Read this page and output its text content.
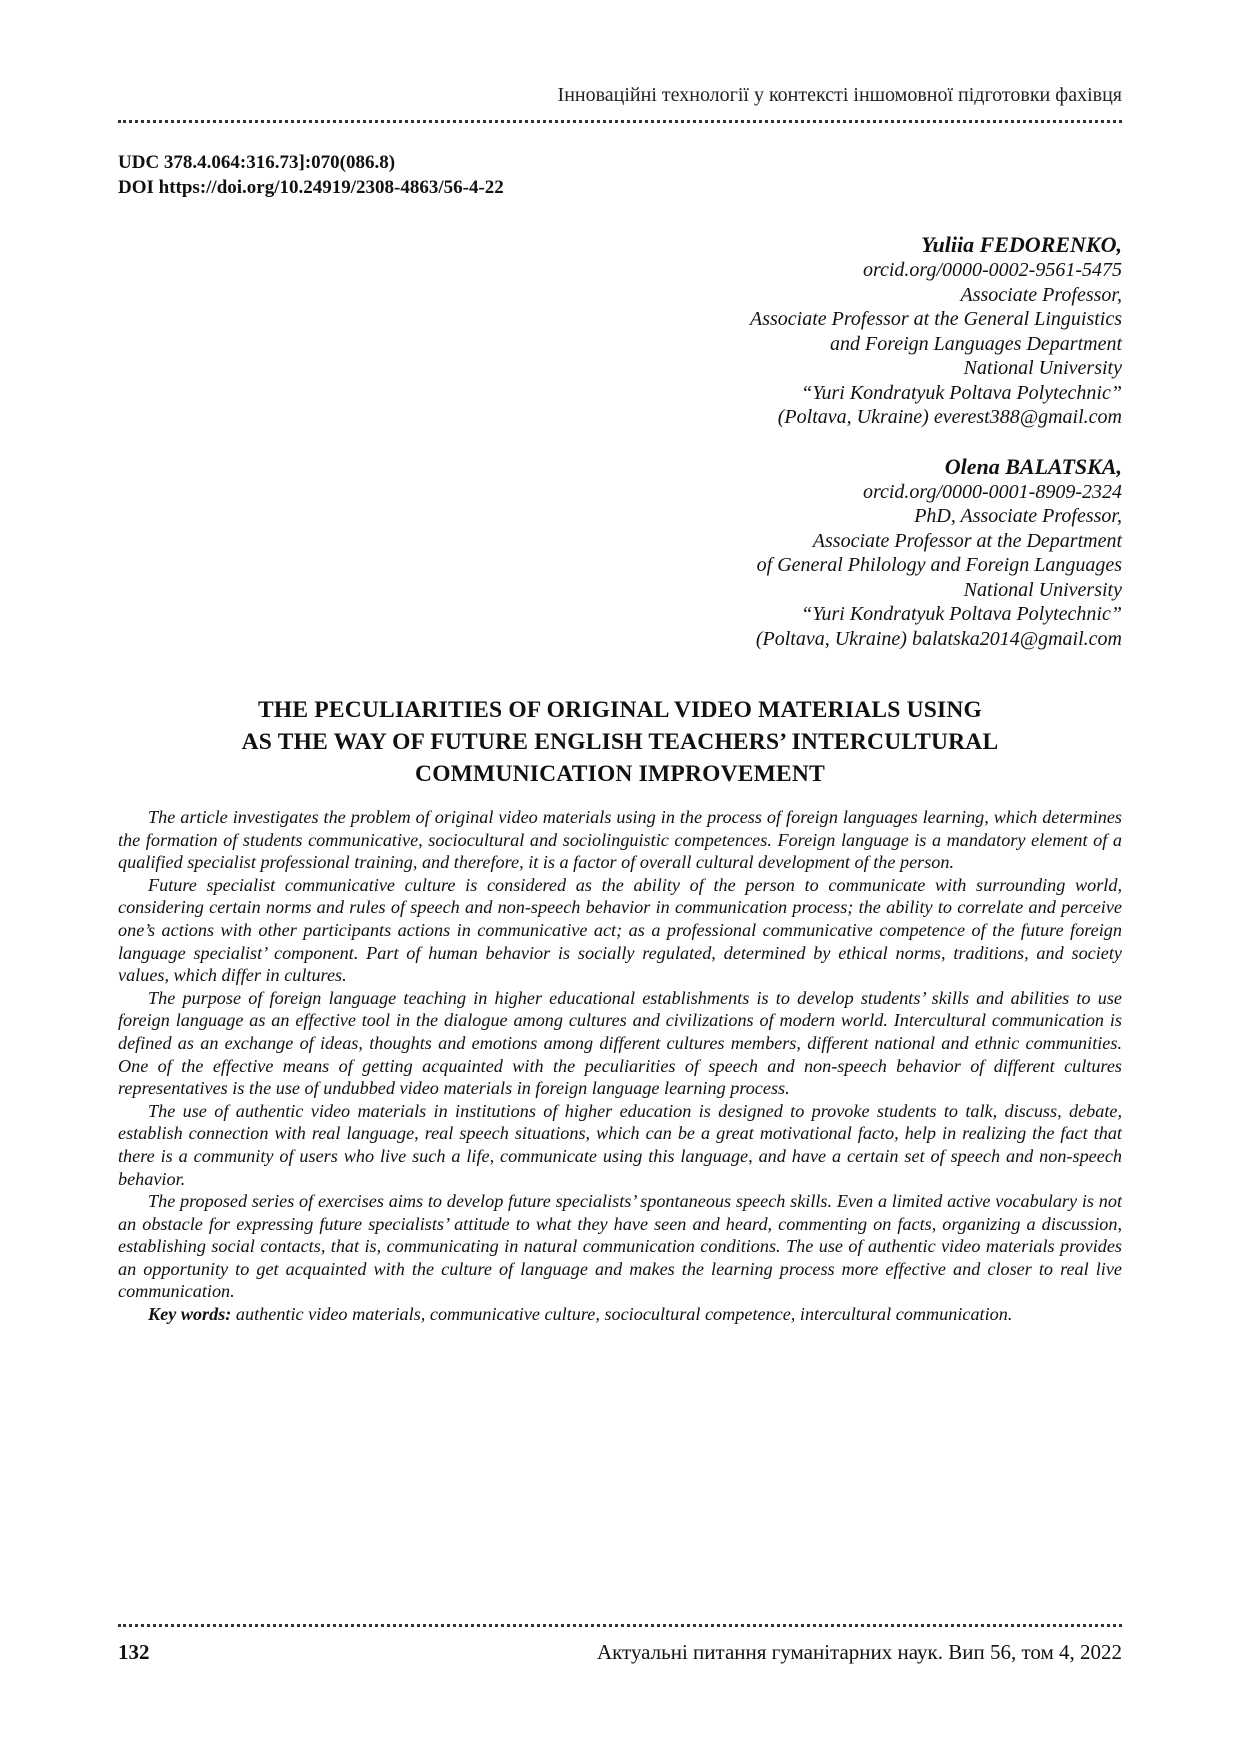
Інноваційні технології у контексті іншомовної підготовки фахівця
UDC 378.4.064:316.73]:070(086.8)
DOI https://doi.org/10.24919/2308-4863/56-4-22
Yuliia FEDORENKO,
orcid.org/0000-0002-9561-5475
Associate Professor,
Associate Professor at the General Linguistics
and Foreign Languages Department
National University
“Yuri Kondratyuk Poltava Polytechnic”
(Poltava, Ukraine) everest388@gmail.com
Olena BALATSKA,
orcid.org/0000-0001-8909-2324
PhD, Associate Professor,
Associate Professor at the Department
of General Philology and Foreign Languages
National University
“Yuri Kondratyuk Poltava Polytechnic”
(Poltava, Ukraine) balatska2014@gmail.com
THE PECULIARITIES OF ORIGINAL VIDEO MATERIALS USING
AS THE WAY OF FUTURE ENGLISH TEACHERS’ INTERCULTURAL
COMMUNICATION IMPROVEMENT

The article investigates the problem of original video materials using in the process of foreign languages learning, which determines the formation of students communicative, sociocultural and sociolinguistic competences. Foreign language is a mandatory element of a qualified specialist professional training, and therefore, it is a factor of overall cultural development of the person.

Future specialist communicative culture is considered as the ability of the person to communicate with surrounding world, considering certain norms and rules of speech and non-speech behavior in communication process; the ability to correlate and perceive one’s actions with other participants actions in communicative act; as a professional communicative competence of the future foreign language specialist’ component. Part of human behavior is socially regulated, determined by ethical norms, traditions, and society values, which differ in cultures.

The purpose of foreign language teaching in higher educational establishments is to develop students’ skills and abilities to use foreign language as an effective tool in the dialogue among cultures and civilizations of modern world. Intercultural communication is defined as an exchange of ideas, thoughts and emotions among different cultures members, different national and ethnic communities. One of the effective means of getting acquainted with the peculiarities of speech and non-speech behavior of different cultures representatives is the use of undubbed video materials in foreign language learning process.

The use of authentic video materials in institutions of higher education is designed to provoke students to talk, discuss, debate, establish connection with real language, real speech situations, which can be a great motivational facto, help in realizing the fact that there is a community of users who live such a life, communicate using this language, and have a certain set of speech and non-speech behavior.

The proposed series of exercises aims to develop future specialists’ spontaneous speech skills. Even a limited active vocabulary is not an obstacle for expressing future specialists’ attitude to what they have seen and heard, commenting on facts, organizing a discussion, establishing social contacts, that is, communicating in natural communication conditions. The use of authentic video materials provides an opportunity to get acquainted with the culture of language and makes the learning process more effective and closer to real live communication.

Key words: authentic video materials, communicative culture, sociocultural competence, intercultural communication.

132	Актуальні питання гуманітарних наук. Вип 56, том 4, 2022
